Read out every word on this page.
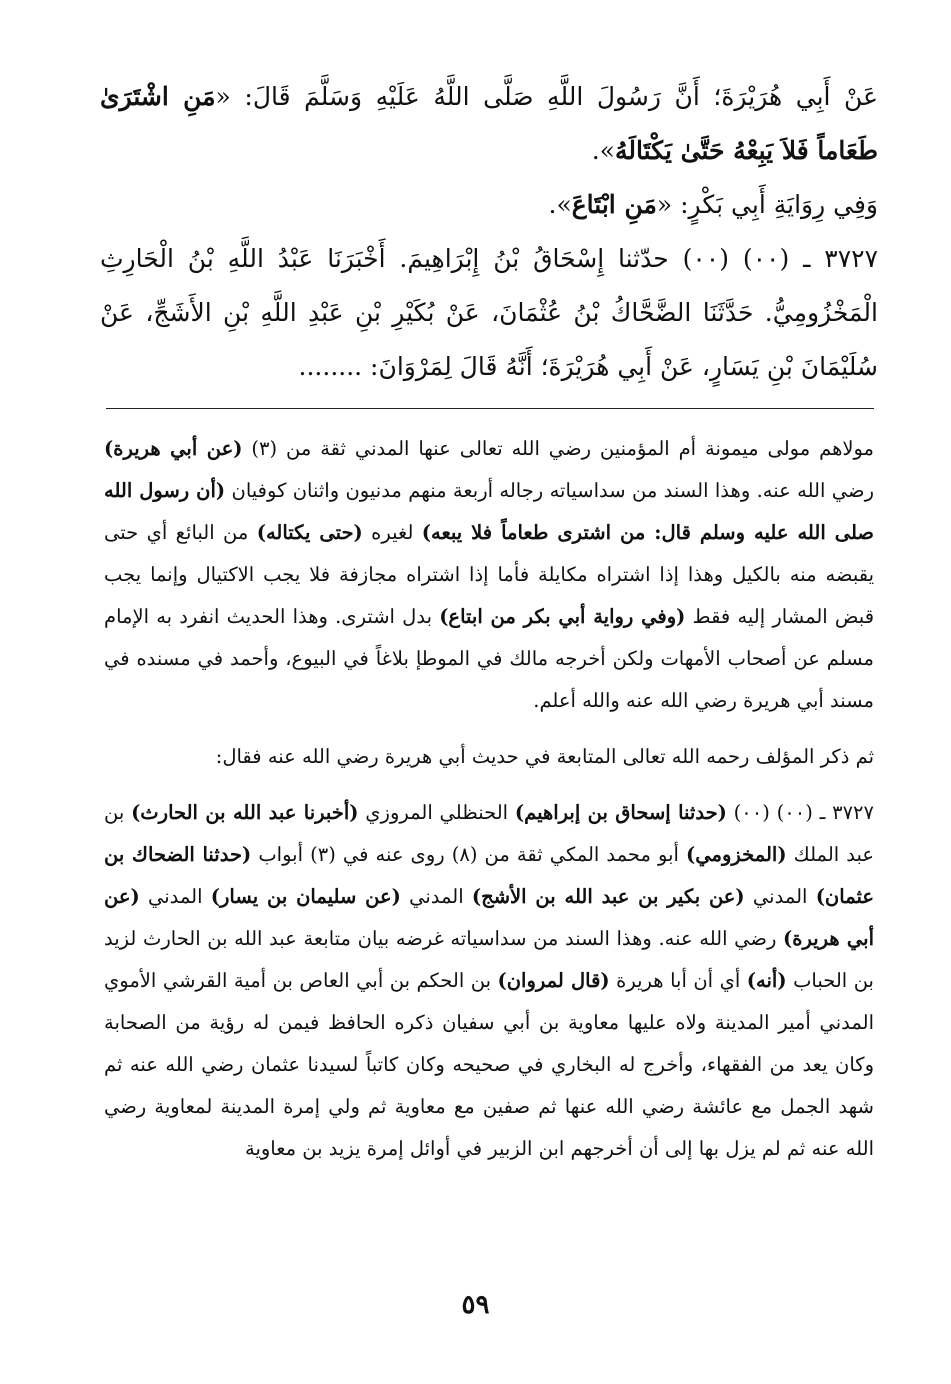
عَنْ أَبِي هُرَيْرَةَ؛ أَنَّ رَسُولَ اللَّهِ صَلَّى اللَّهُ عَلَيْهِ وَسَلَّمَ قَالَ: «مَنِ اشْتَرَىٰ طَعَاماً فَلاَ يَبِعْهُ حَتَّىٰ يَكْتَالَهُ».

وَفِي رِوَايَةِ أَبِي بَكْرٍ: «مَنِ ابْتَاعَ».

٣٧٢٧ ـ (٠٠) (٠٠) حدّثنا إِسْحَاقُ بْنُ إِبْرَاهِيمَ. أَخْبَرَنَا عَبْدُ اللَّهِ بْنُ الْحَارِثِ الْمَخْزُومِيُّ. حَدَّثَنَا الضَّحَّاكُ بْنُ عُثْمَانَ، عَنْ بُكَيْرِ بْنِ عَبْدِ اللَّهِ بْنِ الأَشَجِّ، عَنْ سُلَيْمَانَ بْنِ يَسَارٍ، عَنْ أَبِي هُرَيْرَةَ؛ أَنَّهُ قَالَ لِمَرْوَانَ: ........

مولاهم مولى ميمونة أم المؤمنين رضي الله تعالى عنها المدني ثقة من (٣) (عن أبي هريرة) رضي الله عنه. وهذا السند من سداسياته رجاله أربعة منهم مدنيون واثنان كوفيان (أن رسول الله صلى الله عليه وسلم قال: من اشترى طعاماً فلا يبعه) لغيره (حتى يكتاله) من البائع أي حتى يقبضه منه بالكيل وهذا إذا اشتراه مكايلة فأما إذا اشتراه مجازفة فلا يجب الاكتيال وإنما يجب قبض المشار إليه فقط (وفي رواية أبي بكر من ابتاع) بدل اشترى. وهذا الحديث انفرد به الإمام مسلم عن أصحاب الأمهات ولكن أخرجه مالك في الموطإ بلاغاً في البيوع، وأحمد في مسنده في مسند أبي هريرة رضي الله عنه والله أعلم.

ثم ذكر المؤلف رحمه الله تعالى المتابعة في حديث أبي هريرة رضي الله عنه فقال:

٣٧٢٧ ـ (٠٠) (٠٠) (حدثنا إسحاق بن إبراهيم) الحنظلي المروزي (أخبرنا عبد الله بن الحارث) بن عبد الملك (المخزومي) أبو محمد المكي ثقة من (٨) روى عنه في (٣) أبواب (حدثنا الضحاك بن عثمان) المدني (عن بكير بن عبد الله بن الأشج) المدني (عن سليمان بن يسار) المدني (عن أبي هريرة) رضي الله عنه. وهذا السند من سداسياته غرضه بيان متابعة عبد الله بن الحارث لزيد بن الحباب (أنه) أي أن أبا هريرة (قال لمروان) بن الحكم بن أبي العاص بن أمية القرشي الأموي المدني أمير المدينة ولاه عليها معاوية بن أبي سفيان ذكره الحافظ فيمن له رؤية من الصحابة وكان يعد من الفقهاء، وأخرج له البخاري في صحيحه وكان كاتباً لسيدنا عثمان رضي الله عنه ثم شهد الجمل مع عائشة رضي الله عنها ثم صفين مع معاوية ثم ولي إمرة المدينة لمعاوية رضي الله عنه ثم لم يزل بها إلى أن أخرجهم ابن الزبير في أوائل إمرة يزيد بن معاوية

٥٩
